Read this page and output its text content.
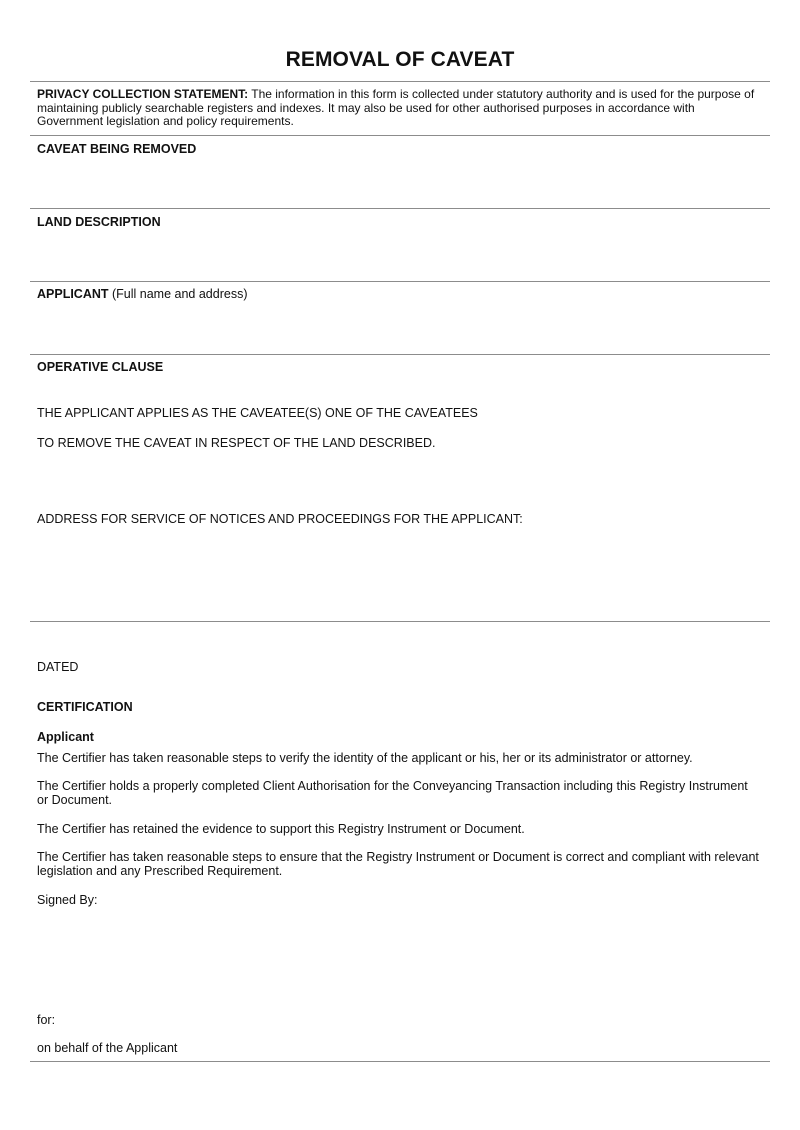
REMOVAL OF CAVEAT
PRIVACY COLLECTION STATEMENT: The information in this form is collected under statutory authority and is used for the purpose of maintaining publicly searchable registers and indexes. It may also be used for other authorised purposes in accordance with Government legislation and policy requirements.
CAVEAT BEING REMOVED
LAND DESCRIPTION
APPLICANT (Full name and address)
OPERATIVE CLAUSE
THE APPLICANT APPLIES AS THE CAVEATEE(S) ONE OF THE CAVEATEES
TO REMOVE THE CAVEAT IN RESPECT OF THE LAND DESCRIBED.
ADDRESS FOR SERVICE OF NOTICES AND PROCEEDINGS FOR THE APPLICANT:
DATED
CERTIFICATION
Applicant
The Certifier has taken reasonable steps to verify the identity of the applicant or his, her or its administrator or attorney.
The Certifier holds a properly completed Client Authorisation for the Conveyancing Transaction including this Registry Instrument or Document.
The Certifier has retained the evidence to support this Registry Instrument or Document.
The Certifier has taken reasonable steps to ensure that the Registry Instrument or Document is correct and compliant with relevant legislation and any Prescribed Requirement.
Signed By:
for:
on behalf of the Applicant
